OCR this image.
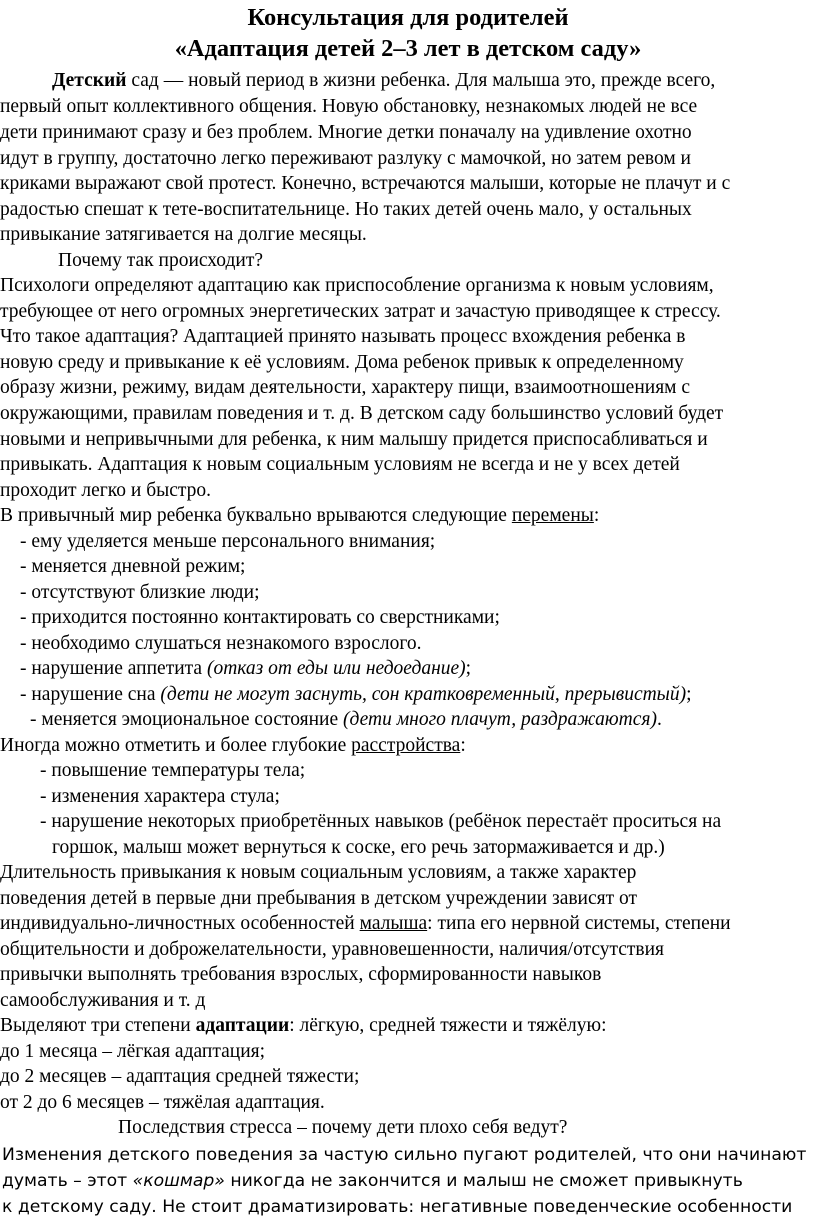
Консультация для родителей
«Адаптация детей 2–3 лет в детском саду»
Детский сад — новый период в жизни ребенка. Для малыша это, прежде всего,
первый опыт коллективного общения. Новую обстановку, незнакомых людей не все
дети принимают сразу и без проблем. Многие детки поначалу на удивление охотно
идут в группу, достаточно легко переживают разлуку с мамочкой, но затем ревом и
криками выражают свой протест. Конечно, встречаются малыши, которые не плачут и с
радостью спешат к тете-воспитательнице. Но таких детей очень мало, у остальных
привыкание затягивается на долгие месяцы.
Почему так происходит?
Психологи определяют адаптацию как приспособление организма к новым условиям,
требующее от него огромных энергетических затрат и зачастую приводящее к стрессу.
Что такое адаптация? Адаптацией принято называть процесс вхождения ребенка в
новую среду и привыкание к её условиям. Дома ребенок привык к определенному
образу жизни, режиму, видам деятельности, характеру пищи, взаимоотношениям с
окружающими, правилам поведения и т. д. В детском саду большинство условий будет
новыми и непривычными для ребенка, к ним малышу придется приспосабливаться и
привыкать. Адаптация к новым социальным условиям не всегда и не у всех детей
проходит легко и быстро.
В привычный мир ребенка буквально врываются следующие перемены:
- ему уделяется меньше персонального внимания;
- меняется дневной режим;
- отсутствуют близкие люди;
- приходится постоянно контактировать со сверстниками;
- необходимо слушаться незнакомого взрослого.
- нарушение аппетита (отказ от еды или недоедание);
- нарушение сна (дети не могут заснуть, сон кратковременный, прерывистый);
- меняется эмоциональное состояние (дети много плачут, раздражаются).
Иногда можно отметить и более глубокие расстройства:
- повышение температуры тела;
- изменения характера стула;
- нарушение некоторых приобретённых навыков (ребёнок перестаёт проситься на
горшок, малыш может вернуться к соске, его речь затормаживается и др.)
Длительность привыкания к новым социальным условиям, а также характер
поведения детей в первые дни пребывания в детском учреждении зависят от
индивидуально-личностных особенностей малыша: типа его нервной системы, степени
общительности и доброжелательности, уравновешенности, наличия/отсутствия
привычки выполнять требования взрослых, сформированности навыков
самообслуживания и т. д
Выделяют три степени адаптации: лёгкую, средней тяжести и тяжёлую:
до 1 месяца – лёгкая адаптация;
до 2 месяцев – адаптация средней тяжести;
от 2 до 6 месяцев – тяжёлая адаптация.
Последствия стресса – почему дети плохо себя ведут?
Изменения детского поведения за частую сильно пугают родителей, что они начинают
думать – этот «кошмар» никогда не закончится и малыш не сможет привыкнуть
к детскому саду. Не стоит драматизировать: негативные поведенческие особенности
